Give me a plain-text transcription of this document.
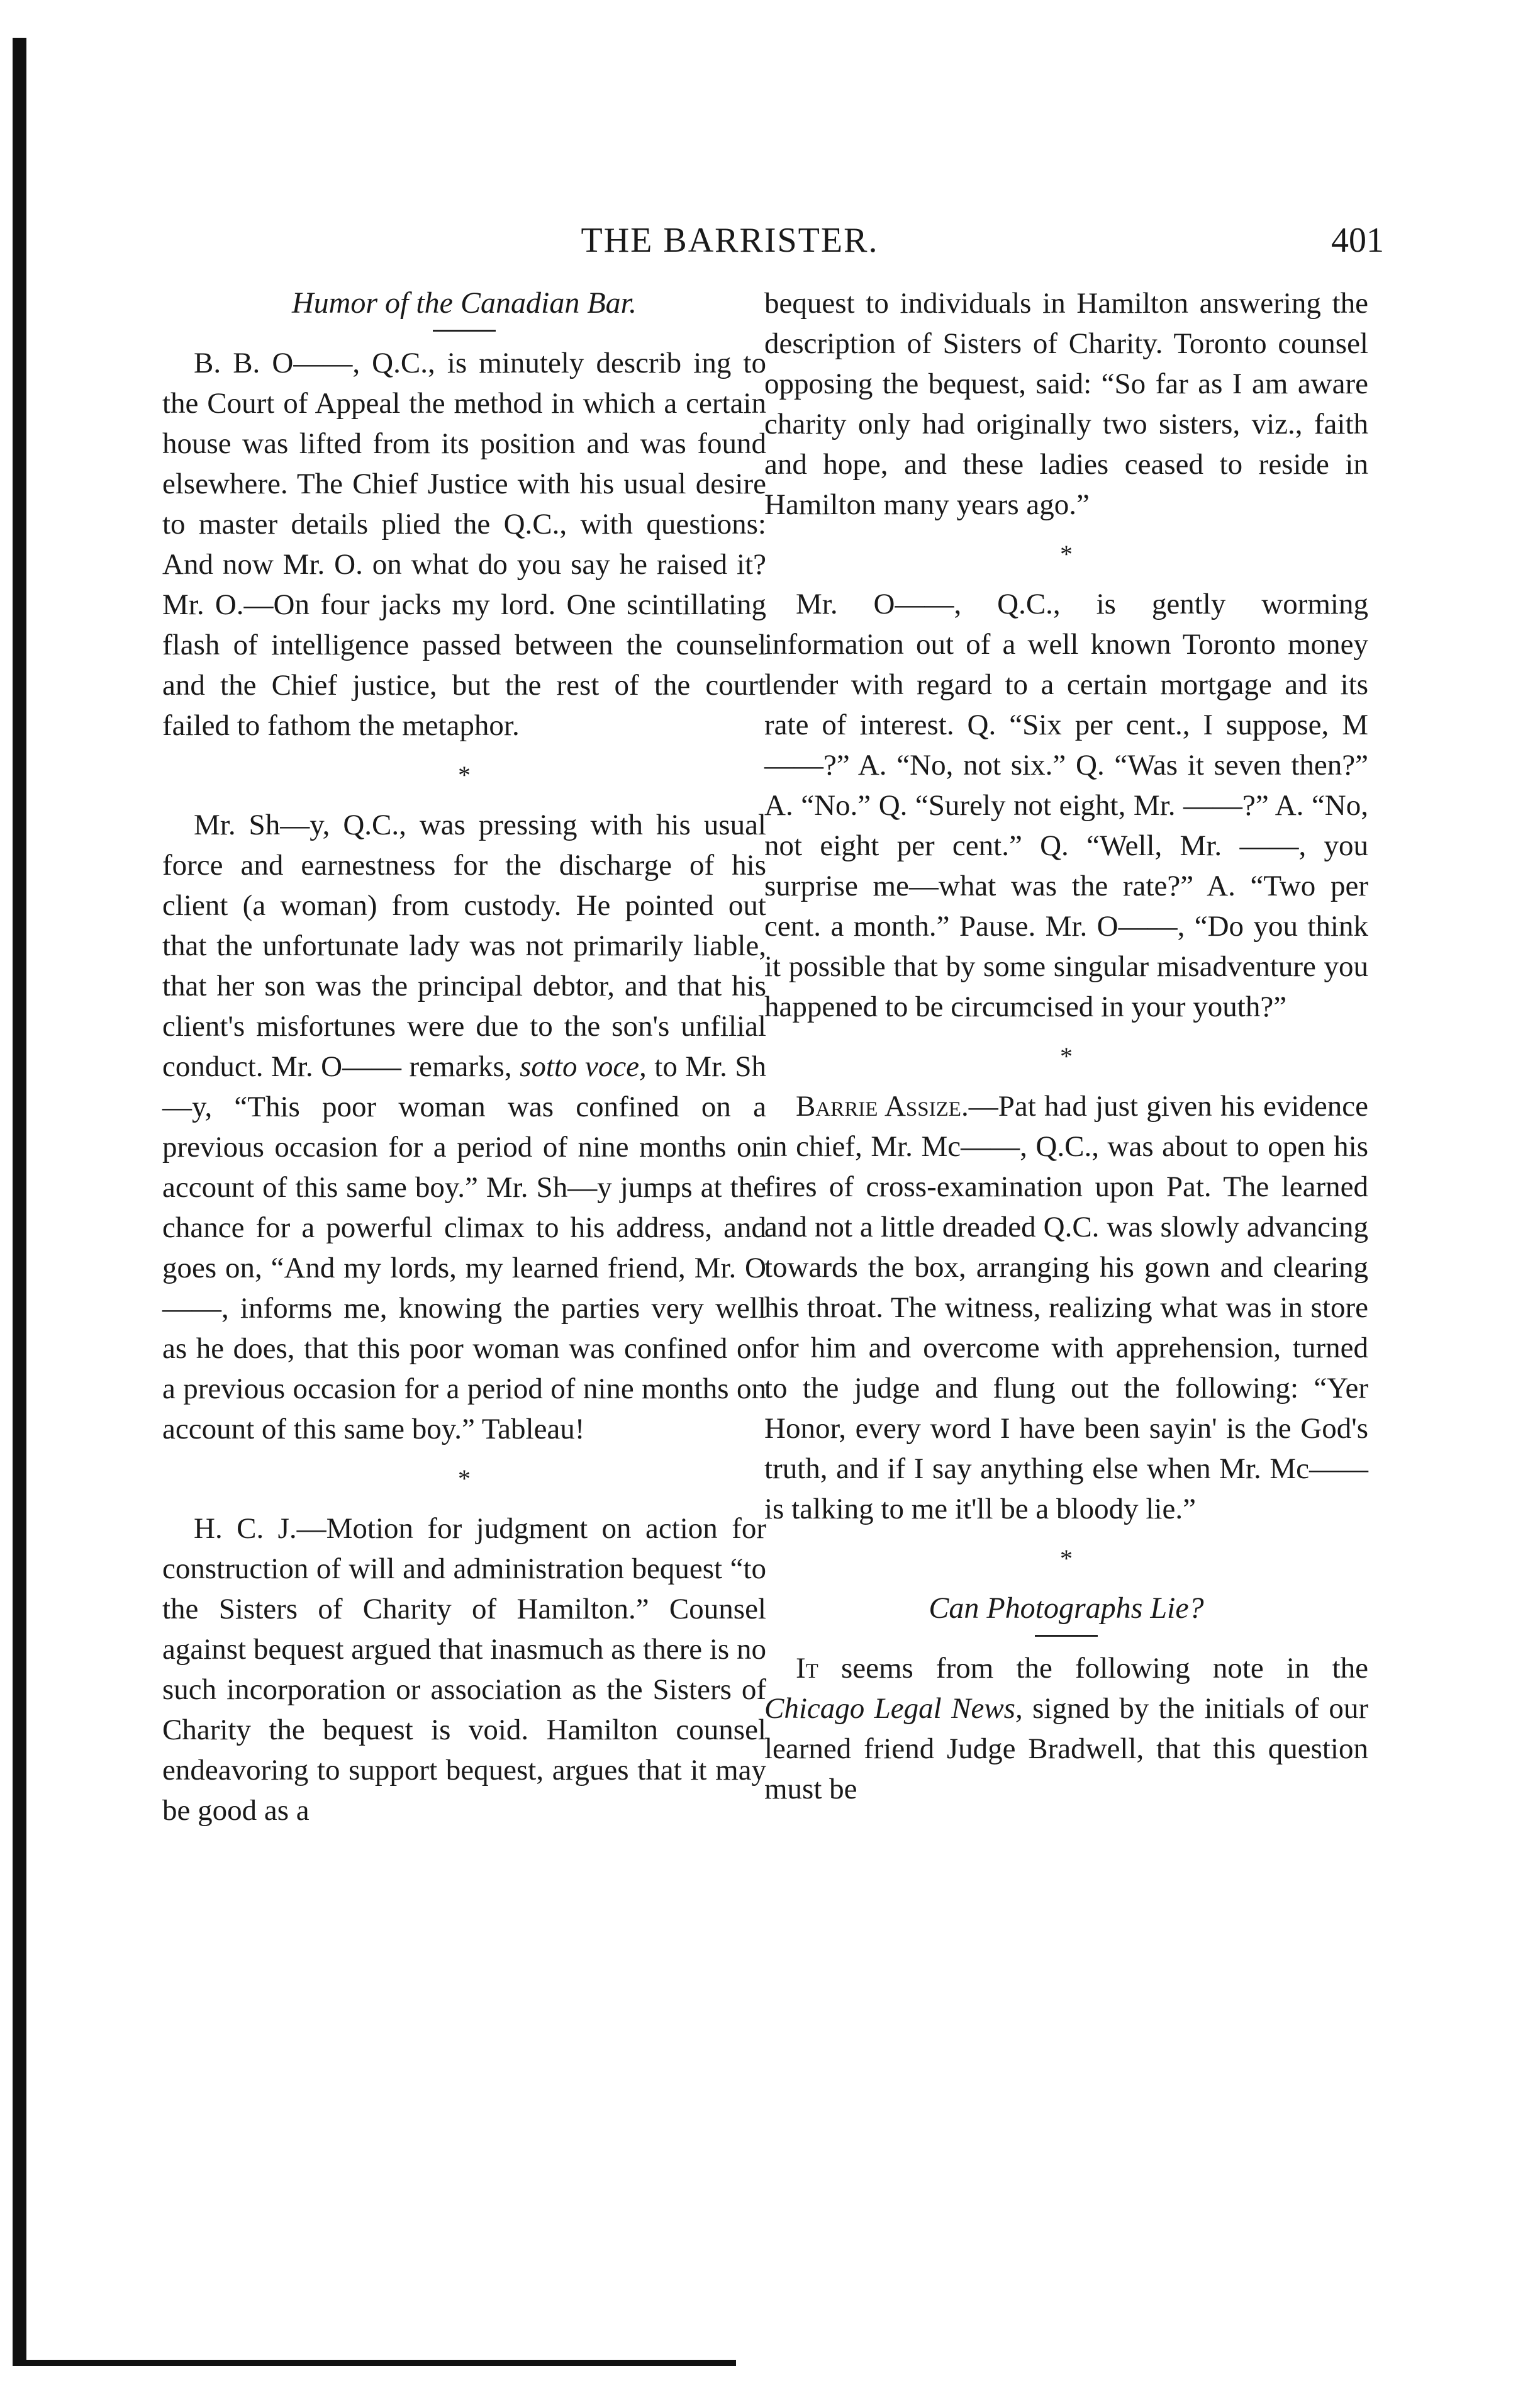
THE BARRISTER.	401
Humor of the Canadian Bar.

B. B. O——, Q.C., is minutely describ ing to the Court of Appeal the method in which a certain house was lifted from its position and was found elsewhere. The Chief Justice with his usual desire to master details plied the Q.C., with questions: And now Mr. O. on what do you say he raised it? Mr. O.—On four jacks my lord. One scintillating flash of intelligence passed between the counsel and the Chief justice, but the rest of the court failed to fathom the metaphor.

*

Mr. Sh—y, Q.C., was pressing with his usual force and earnestness for the discharge of his client (a woman) from custody. He pointed out that the unfortunate lady was not primarily liable, that her son was the principal debtor, and that his client's misfortunes were due to the son's unfilial conduct. Mr. O—— remarks, sotto voce, to Mr. Sh—y, “This poor woman was confined on a previous occasion for a period of nine months on account of this same boy.” Mr. Sh—y jumps at the chance for a powerful climax to his address, and goes on, “And my lords, my learned friend, Mr. O——, informs me, knowing the parties very well as he does, that this poor woman was confined on a previous occasion for a period of nine months on account of this same boy.” Tableau!

*

H. C. J.—Motion for judgment on action for construction of will and administration bequest “to the Sisters of Charity of Hamilton.” Counsel against bequest argued that inasmuch as there is no such incorporation or association as the Sisters of Charity the bequest is void. Hamilton counsel endeavoring to support bequest, argues that it may be good as a

bequest to individuals in Hamilton answering the description of Sisters of Charity. Toronto counsel opposing the bequest, said: “So far as I am aware charity only had originally two sisters, viz., faith and hope, and these ladies ceased to reside in Hamilton many years ago.”

*

Mr. O——, Q.C., is gently worming information out of a well known Toronto money lender with regard to a certain mortgage and its rate of interest. Q. “Six per cent., I suppose, M——?” A. “No, not six.” Q. “Was it seven then?” A. “No.” Q. “Surely not eight, Mr. ——?” A. “No, not eight per cent.” Q. “Well, Mr. ——, you surprise me—what was the rate?” A. “Two per cent. a month.” Pause. Mr. O——, “Do you think it possible that by some singular misadventure you happened to be circumcised in your youth?”

*

Barrie Assize.—Pat had just given his evidence in chief, Mr. Mc——, Q.C., was about to open his fires of cross-examination upon Pat. The learned and not a little dreaded Q.C. was slowly advancing towards the box, arranging his gown and clearing his throat. The witness, realizing what was in store for him and overcome with apprehension, turned to the judge and flung out the following: “Yer Honor, every word I have been sayin' is the God's truth, and if I say anything else when Mr. Mc—— is talking to me it'll be a bloody lie.”

*
Can Photographs Lie?

It seems from the following note in the Chicago Legal News, signed by the initials of our learned friend Judge Bradwell, that this question must be
